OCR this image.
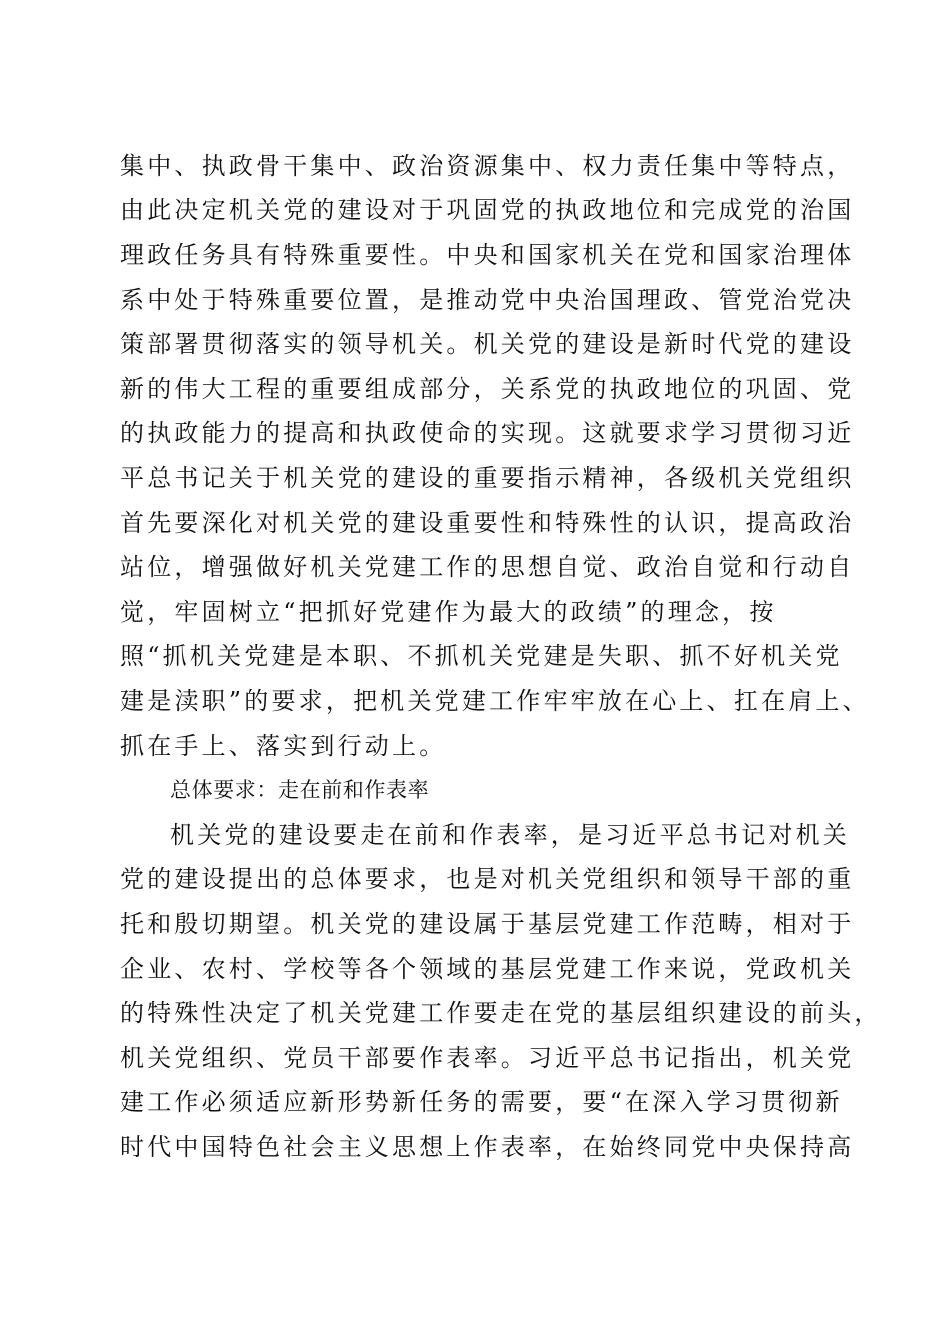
集中、执政骨干集中、政治资源集中、权力责任集中等特点，
由此决定机关党的建设对于巩固党的执政地位和完成党的治国
理政任务具有特殊重要性。中央和国家机关在党和国家治理体
系中处于特殊重要位置，是推动党中央治国理政、管党治党决
策部署贯彻落实的领导机关。机关党的建设是新时代党的建设
新的伟大工程的重要组成部分，关系党的执政地位的巩固、党
的执政能力的提高和执政使命的实现。这就要求学习贯彻习近
平总书记关于机关党的建设的重要指示精神，各级机关党组织
首先要深化对机关党的建设重要性和特殊性的认识，提高政治
站位，增强做好机关党建工作的思想自觉、政治自觉和行动自
觉，牢固树立“把抓好党建作为最大的政绩”的理念，按
照“抓机关党建是本职、不抓机关党建是失职、抓不好机关党
建是渎职”的要求，把机关党建工作牢牢放在心上、扛在肩上、
抓在手上、落实到行动上。
总体要求：走在前和作表率
机关党的建设要走在前和作表率，是习近平总书记对机关
党的建设提出的总体要求，也是对机关党组织和领导干部的重
托和殷切期望。机关党的建设属于基层党建工作范畴，相对于
企业、农村、学校等各个领域的基层党建工作来说，党政机关
的特殊性决定了机关党建工作要走在党的基层组织建设的前头，
机关党组织、党员干部要作表率。习近平总书记指出，机关党
建工作必须适应新形势新任务的需要，要“在深入学习贯彻新
时代中国特色社会主义思想上作表率，在始终同党中央保持高
